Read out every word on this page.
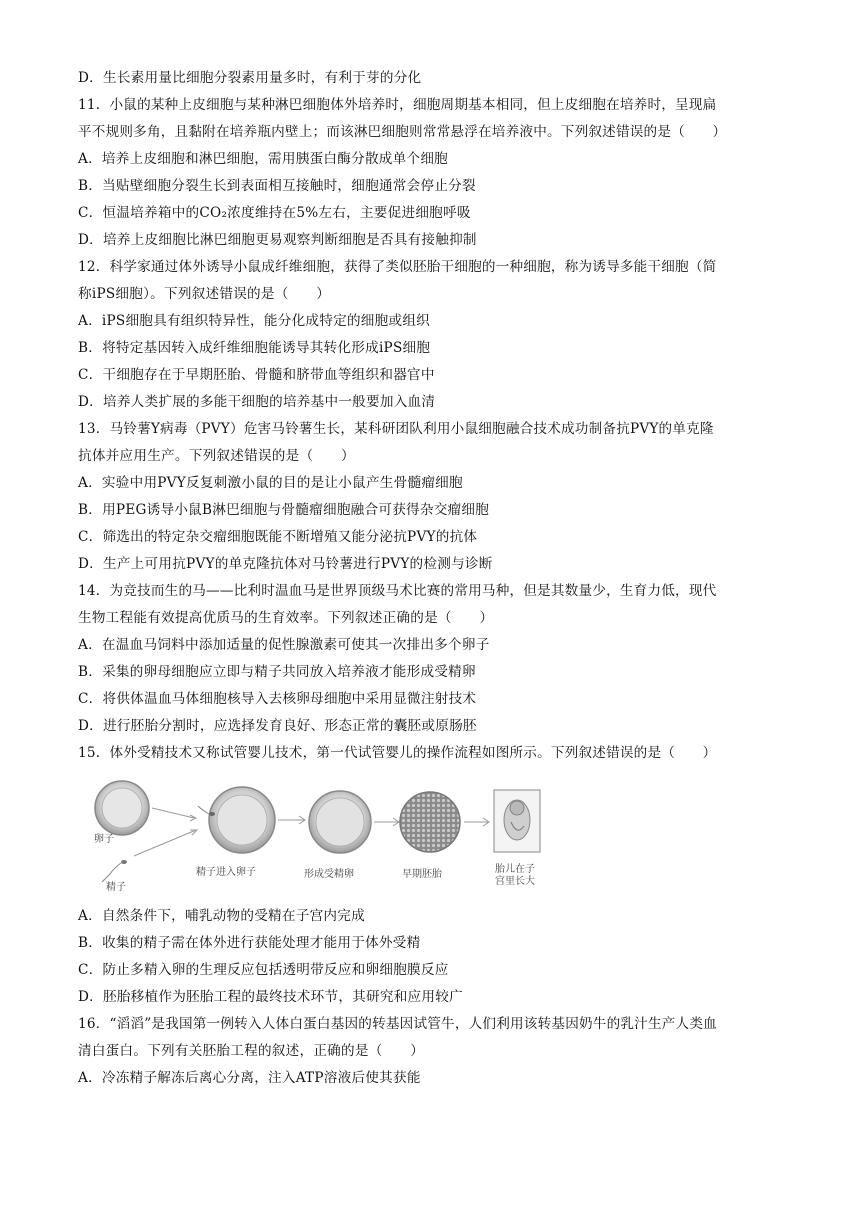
D．生长素用量比细胞分裂素用量多时，有利于芽的分化
11．小鼠的某种上皮细胞与某种淋巴细胞体外培养时，细胞周期基本相同，但上皮细胞在培养时，呈现扁
平不规则多角，且黏附在培养瓶内壁上；而该淋巴细胞则常常悬浮在培养液中。下列叙述错误的是（　　）
A．培养上皮细胞和淋巴细胞，需用胰蛋白酶分散成单个细胞
B．当贴壁细胞分裂生长到表面相互接触时，细胞通常会停止分裂
C．恒温培养箱中的CO₂浓度维持在5%左右，主要促进细胞呼吸
D．培养上皮细胞比淋巴细胞更易观察判断细胞是否具有接触抑制
12．科学家通过体外诱导小鼠成纤维细胞，获得了类似胚胎干细胞的一种细胞，称为诱导多能干细胞（简
称iPS细胞）。下列叙述错误的是（　　）
A．iPS细胞具有组织特异性，能分化成特定的细胞或组织
B．将特定基因转入成纤维细胞能诱导其转化形成iPS细胞
C．干细胞存在于早期胚胎、骨髓和脐带血等组织和器官中
D．培养人类扩展的多能干细胞的培养基中一般要加入血清
13．马铃薯Y病毒（PVY）危害马铃薯生长，某科研团队利用小鼠细胞融合技术成功制备抗PVY的单克隆
抗体并应用生产。下列叙述错误的是（　　）
A．实验中用PVY反复刺激小鼠的目的是让小鼠产生骨髓瘤细胞
B．用PEG诱导小鼠B淋巴细胞与骨髓瘤细胞融合可获得杂交瘤细胞
C．筛选出的特定杂交瘤细胞既能不断增殖又能分泌抗PVY的抗体
D．生产上可用抗PVY的单克隆抗体对马铃薯进行PVY的检测与诊断
14．为竞技而生的马——比利时温血马是世界顶级马术比赛的常用马种，但是其数量少，生育力低，现代
生物工程能有效提高优质马的生育效率。下列叙述正确的是（　　）
A．在温血马饲料中添加适量的促性腺激素可使其一次排出多个卵子
B．采集的卵母细胞应立即与精子共同放入培养液才能形成受精卵
C．将供体温血马体细胞核导入去核卵母细胞中采用显微注射技术
D．进行胚胎分割时，应选择发育良好、形态正常的囊胚或原肠胚
15．体外受精技术又称试管婴儿技术，第一代试管婴儿的操作流程如图所示。下列叙述错误的是（　　）
卵子
精子
精子进入卵子	形成受精卵	早期胚胎	胎儿在子
宫里长大
A．自然条件下，哺乳动物的受精在子宫内完成
B．收集的精子需在体外进行获能处理才能用于体外受精
C．防止多精入卵的生理反应包括透明带反应和卵细胞膜反应
D．胚胎移植作为胚胎工程的最终技术环节，其研究和应用较广
16．“滔滔”是我国第一例转入人体白蛋白基因的转基因试管牛，人们利用该转基因奶牛的乳汁生产人类血
清白蛋白。下列有关胚胎工程的叙述，正确的是（　　）
A．冷冻精子解冻后离心分离，注入ATP溶液后使其获能
